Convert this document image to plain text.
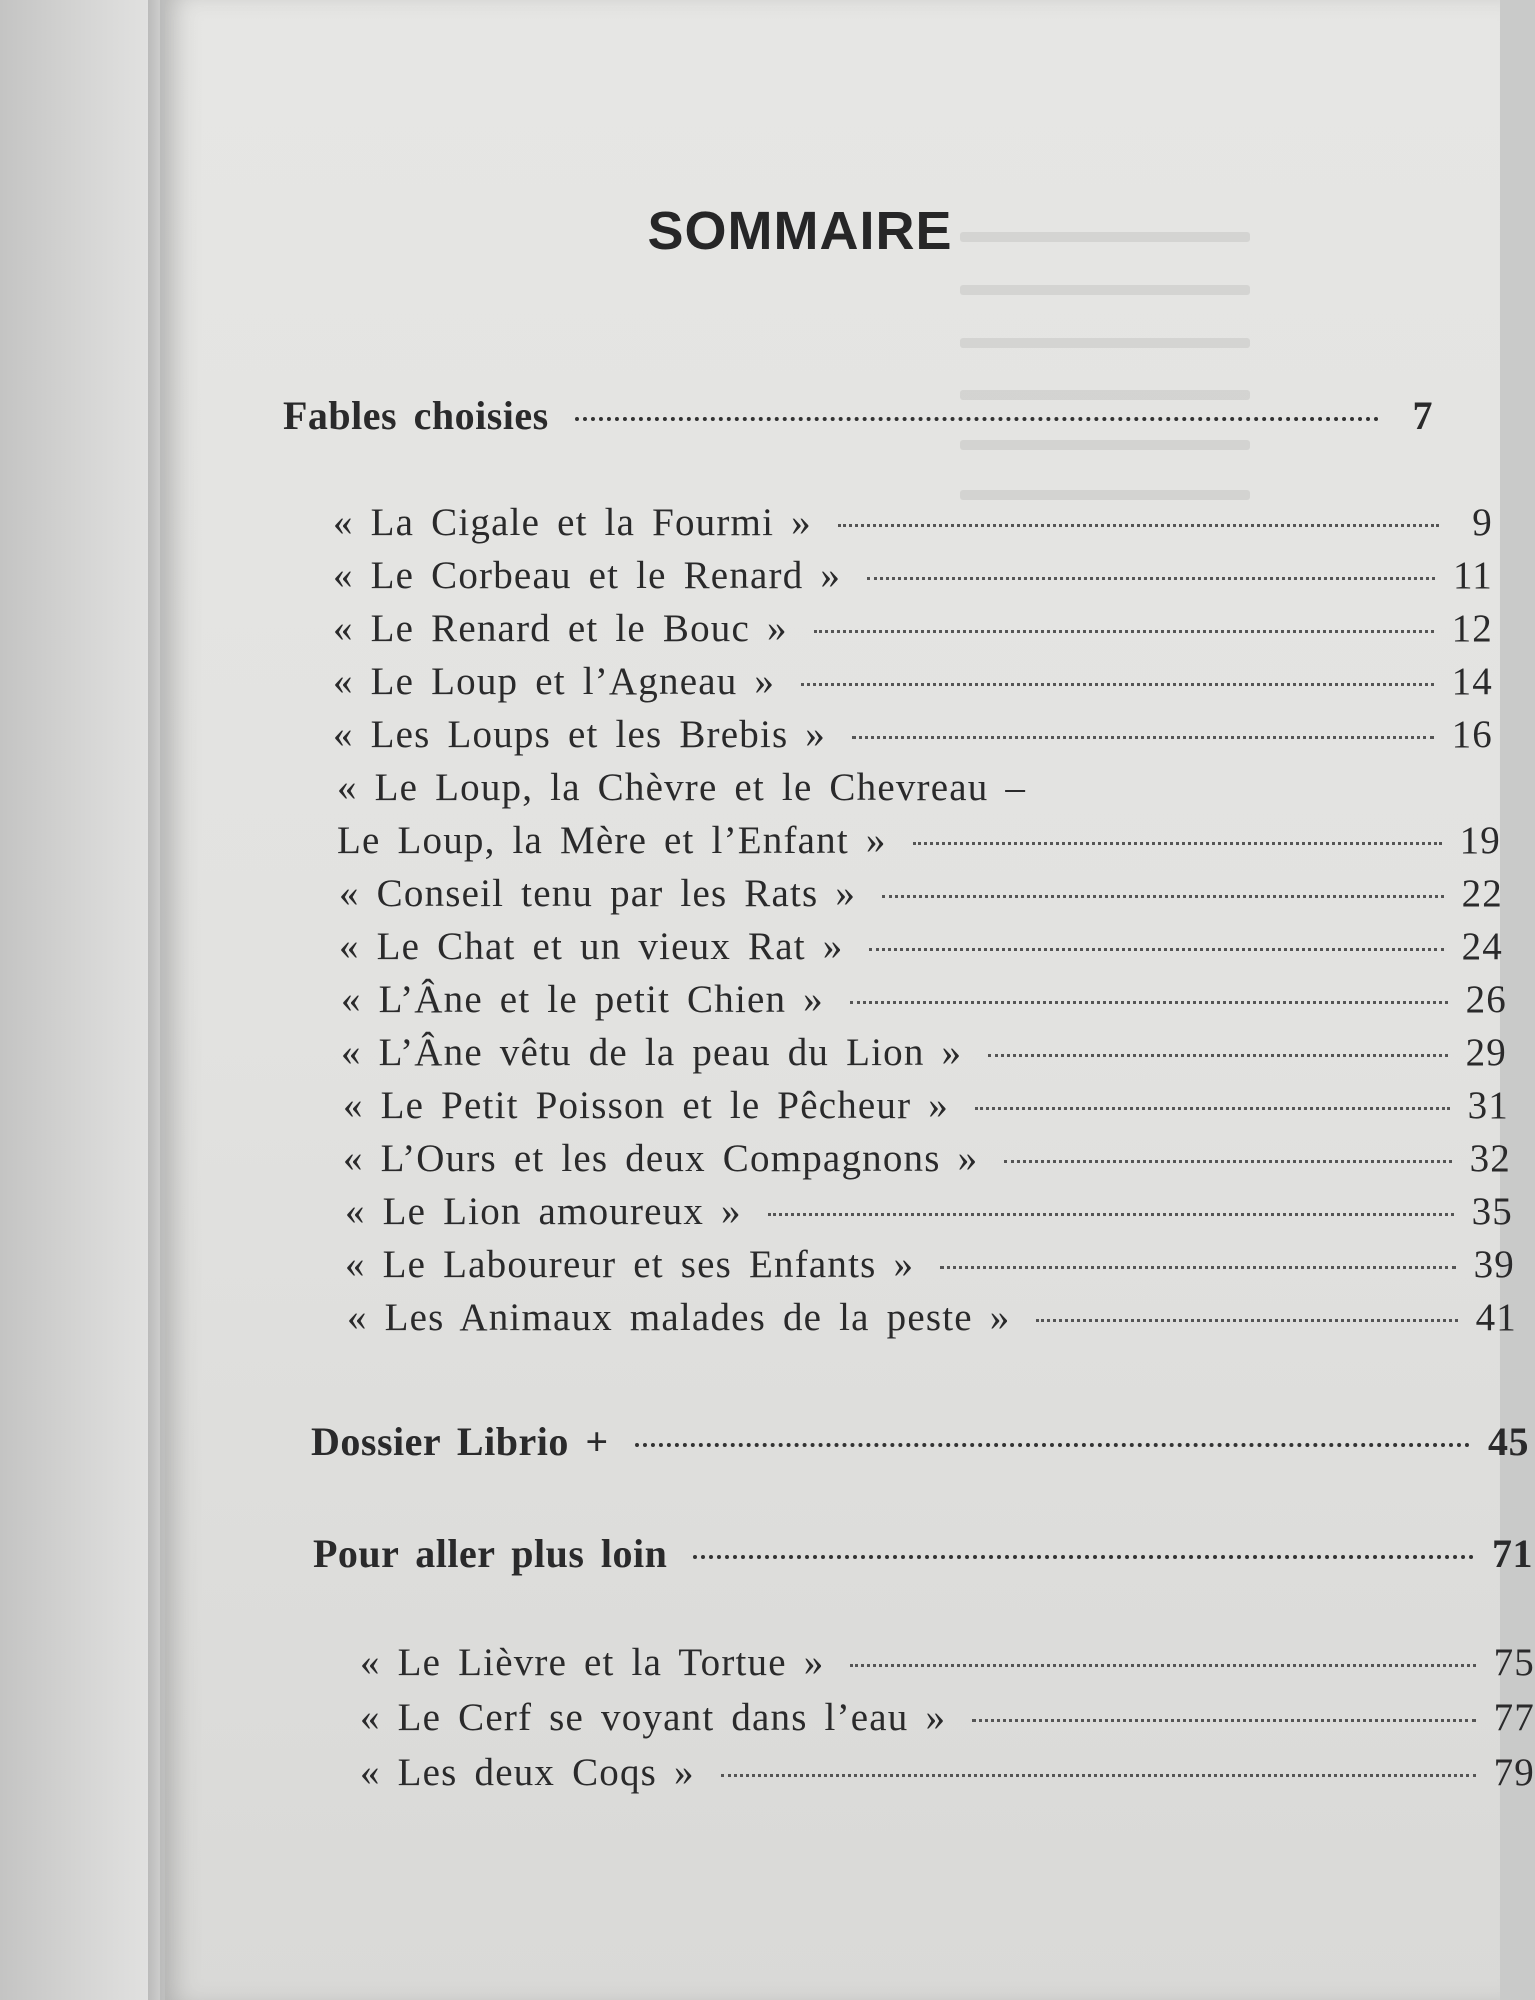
SOMMAIRE
Fables choisies	7
« La Cigale et la Fourmi »	9
« Le Corbeau et le Renard »	11
« Le Renard et le Bouc »	12
« Le Loup et l’Agneau »	14
« Les Loups et les Brebis »	16
« Le Loup, la Chèvre et le Chevreau –
Le Loup, la Mère et l’Enfant »	19
« Conseil tenu par les Rats »	22
« Le Chat et un vieux Rat »	24
« L’Âne et le petit Chien »	26
« L’Âne vêtu de la peau du Lion »	29
« Le Petit Poisson et le Pêcheur »	31
« L’Ours et les deux Compagnons »	32
« Le Lion amoureux »	35
« Le Laboureur et ses Enfants »	39
« Les Animaux malades de la peste »	41
Dossier Librio +	45
Pour aller plus loin	71
« Le Lièvre et la Tortue »	75
« Le Cerf se voyant dans l’eau »	77
« Les deux Coqs »	79
